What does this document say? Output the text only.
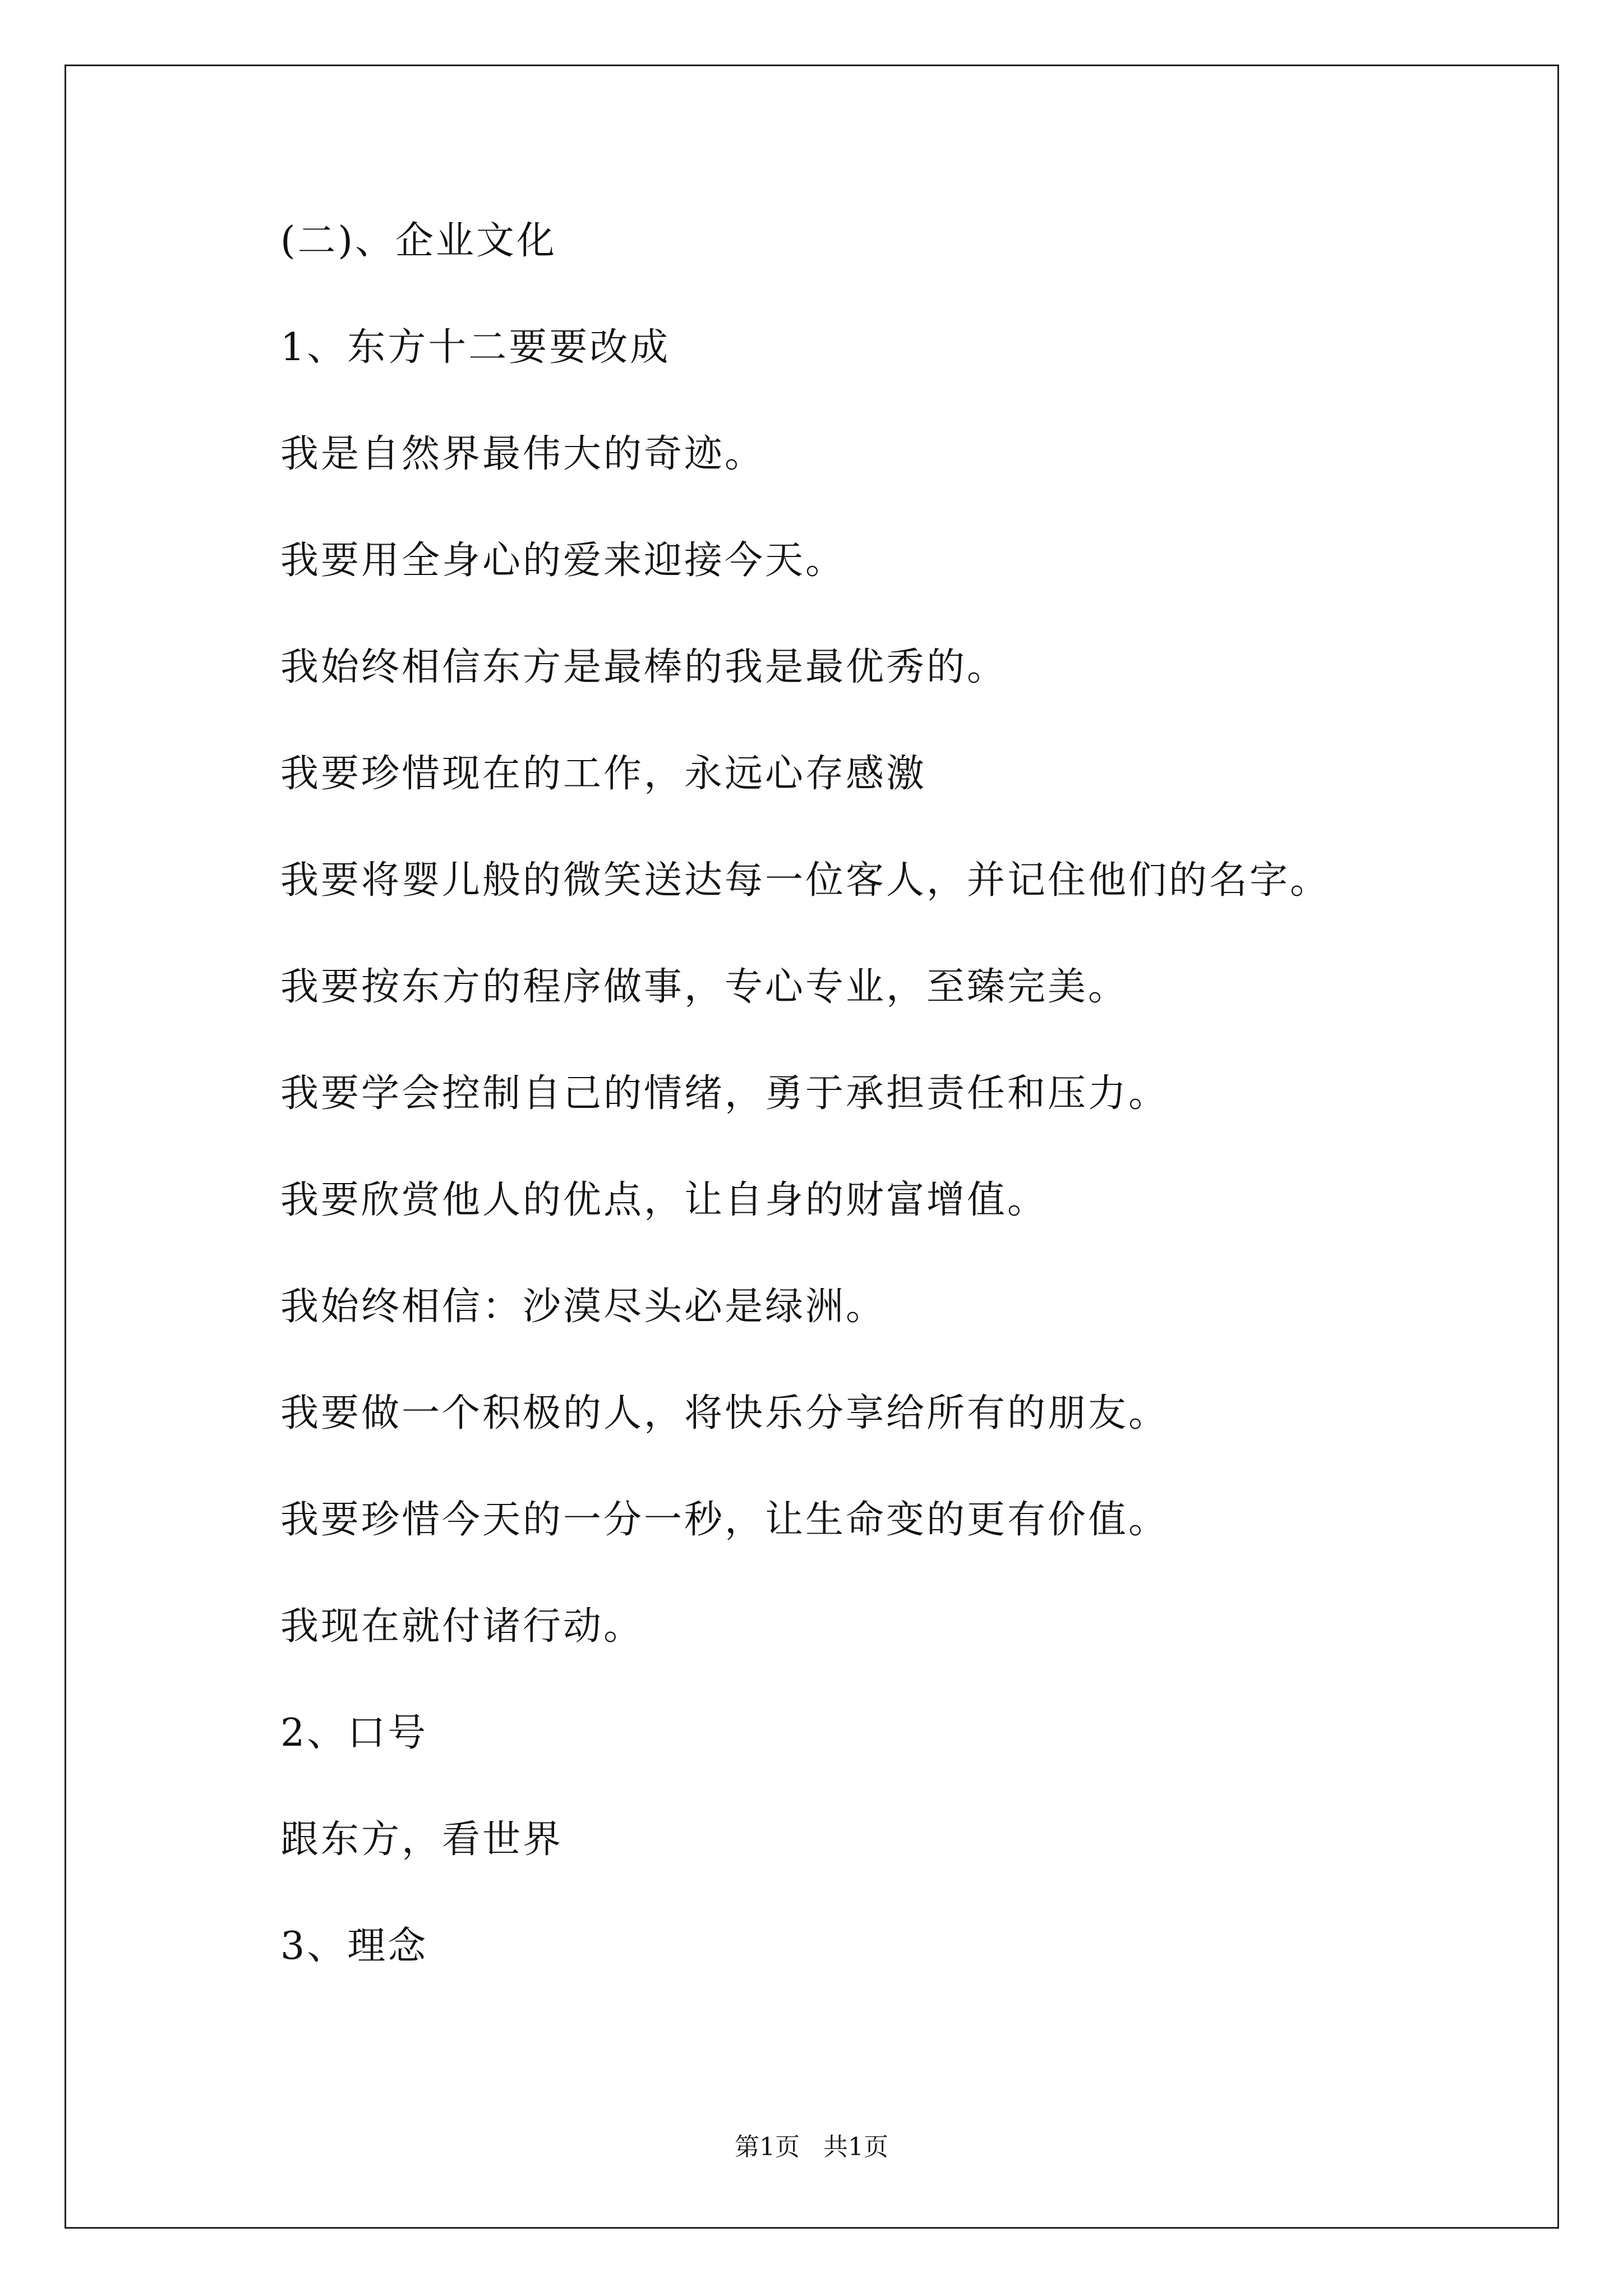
(二)、企业文化
1、东方十二要要改成
我是自然界最伟大的奇迹。
我要用全身心的爱来迎接今天。
我始终相信东方是最棒的我是最优秀的。
我要珍惜现在的工作，永远心存感激
我要将婴儿般的微笑送达每一位客人，并记住他们的名字。
我要按东方的程序做事，专心专业，至臻完美。
我要学会控制自己的情绪，勇于承担责任和压力。
我要欣赏他人的优点，让自身的财富增值。
我始终相信：沙漠尽头必是绿洲。
我要做一个积极的人，将快乐分享给所有的朋友。
我要珍惜今天的一分一秒，让生命变的更有价值。
我现在就付诸行动。
2、口号
跟东方，看世界
3、理念
第1页   共1页
